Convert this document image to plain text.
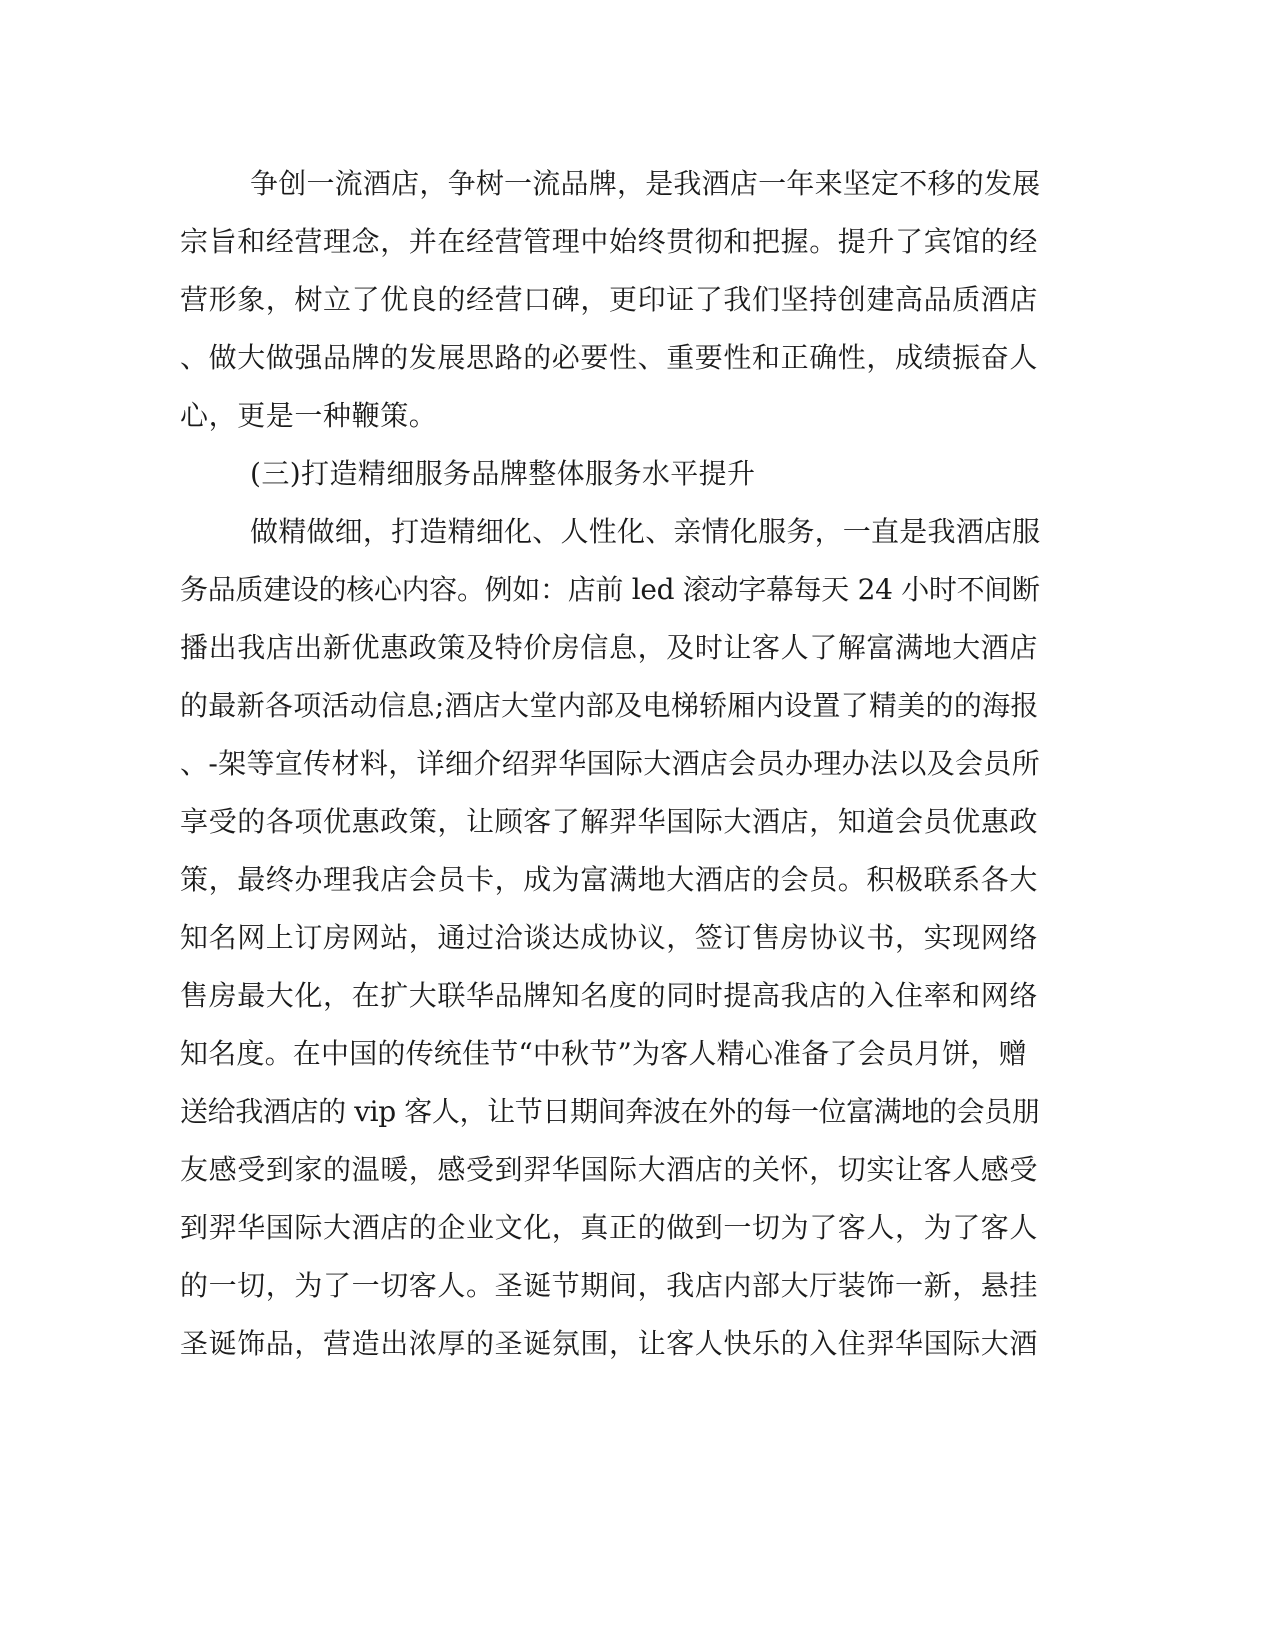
争创一流酒店，争树一流品牌，是我酒店一年来坚定不移的发展
宗旨和经营理念，并在经营管理中始终贯彻和把握。提升了宾馆的经
营形象，树立了优良的经营口碑，更印证了我们坚持创建高品质酒店
、做大做强品牌的发展思路的必要性、重要性和正确性，成绩振奋人
心，更是一种鞭策。
(三)打造精细服务品牌整体服务水平提升
做精做细，打造精细化、人性化、亲情化服务，一直是我酒店服
务品质建设的核心内容。例如：店前 led 滚动字幕每天 24 小时不间断
播出我店出新优惠政策及特价房信息，及时让客人了解富满地大酒店
的最新各项活动信息;酒店大堂内部及电梯轿厢内设置了精美的的海报
、-架等宣传材料，详细介绍羿华国际大酒店会员办理办法以及会员所
享受的各项优惠政策，让顾客了解羿华国际大酒店，知道会员优惠政
策，最终办理我店会员卡，成为富满地大酒店的会员。积极联系各大
知名网上订房网站，通过洽谈达成协议，签订售房协议书，实现网络
售房最大化，在扩大联华品牌知名度的同时提高我店的入住率和网络
知名度。在中国的传统佳节“中秋节”为客人精心准备了会员月饼，赠
送给我酒店的 vip 客人，让节日期间奔波在外的每一位富满地的会员朋
友感受到家的温暖，感受到羿华国际大酒店的关怀，切实让客人感受
到羿华国际大酒店的企业文化，真正的做到一切为了客人，为了客人
的一切，为了一切客人。圣诞节期间，我店内部大厅装饰一新，悬挂
圣诞饰品，营造出浓厚的圣诞氛围，让客人快乐的入住羿华国际大酒
